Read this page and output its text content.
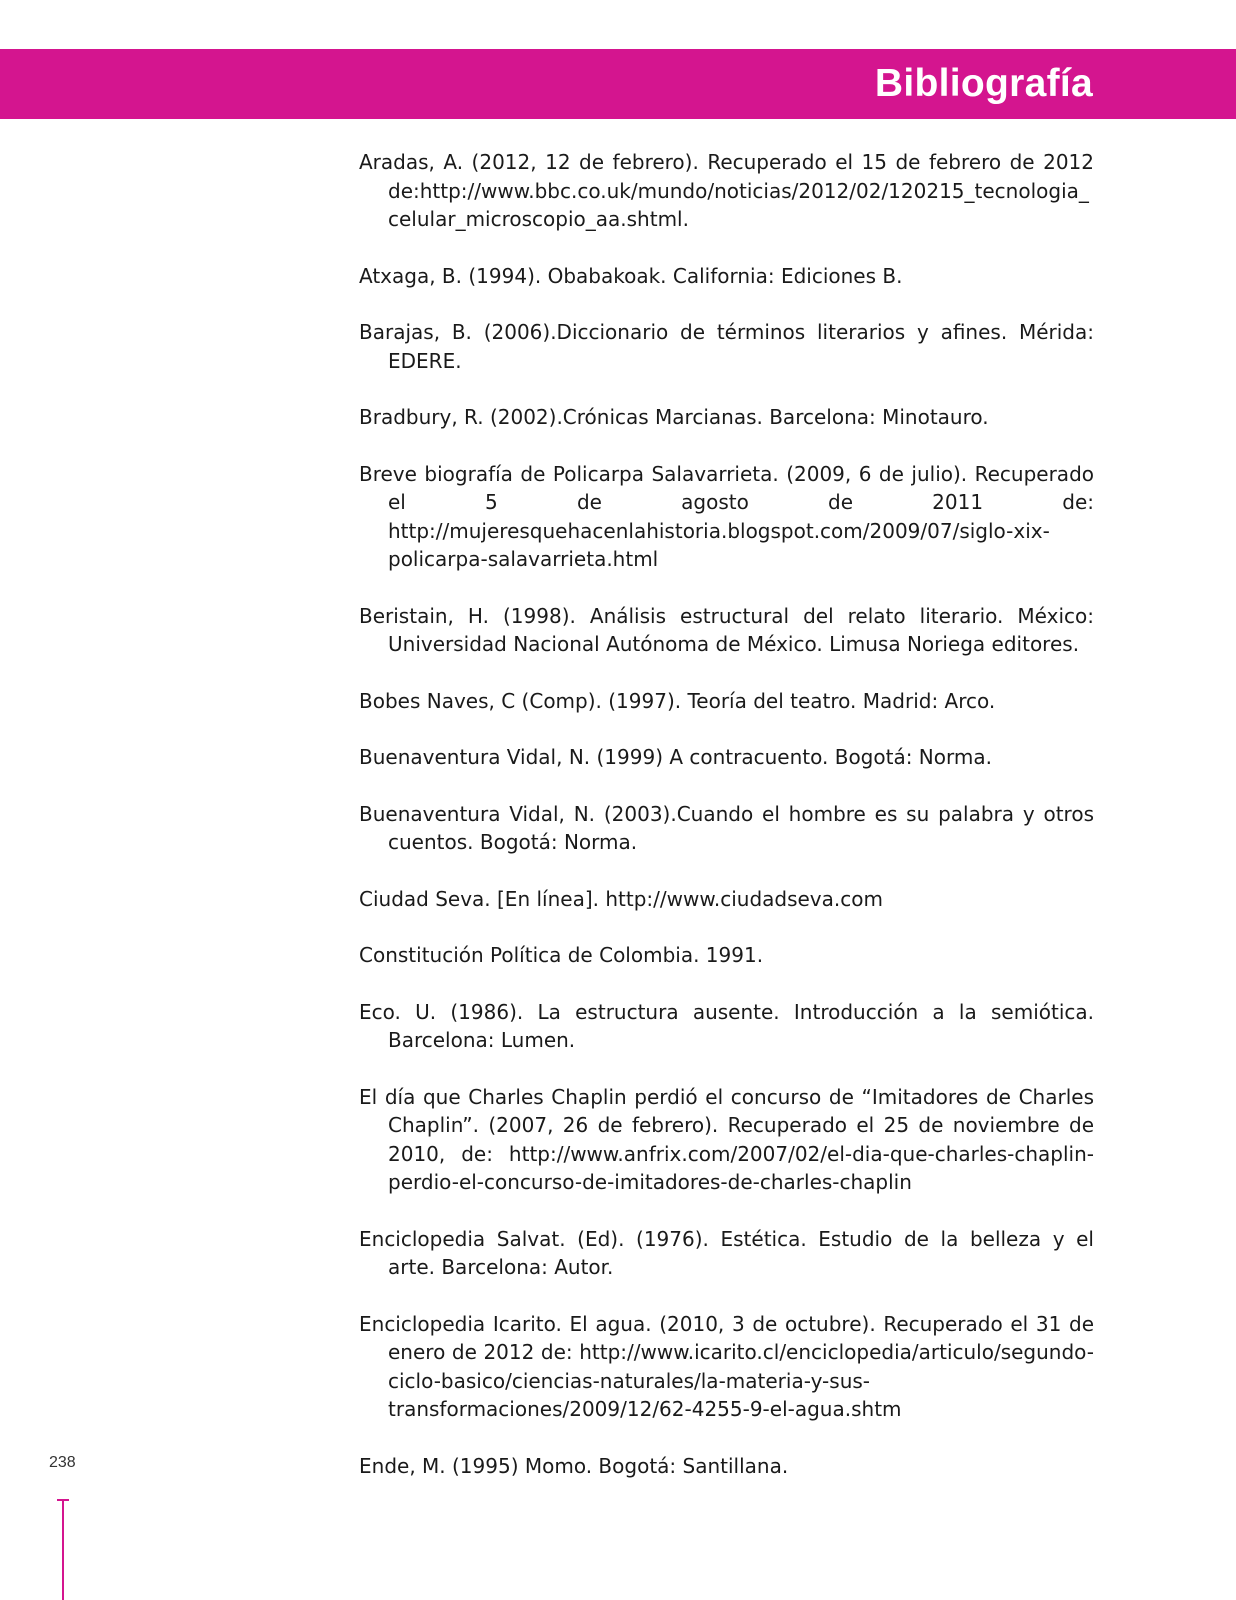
Bibliografía
Aradas, A. (2012, 12 de febrero). Recuperado el 15 de febrero de 2012 de:http://www.bbc.co.uk/mundo/noticias/2012/02/120215_tecnologia_celular_microscopio_aa.shtml.
Atxaga, B. (1994). Obabakoak. California: Ediciones B.
Barajas, B. (2006).Diccionario de términos literarios y afines. Mérida: EDERE.
Bradbury, R. (2002).Crónicas Marcianas. Barcelona: Minotauro.
Breve biografía de Policarpa Salavarrieta. (2009, 6 de julio). Recuperado el 5 de agosto de 2011 de: http://mujeresquehacenlahistoria.blogspot.com/2009/07/siglo-xix-policarpa-salavarrieta.html
Beristain, H. (1998). Análisis estructural del relato literario. México: Universidad Nacional Autónoma de México. Limusa Noriega editores.
Bobes Naves, C (Comp). (1997). Teoría del teatro. Madrid: Arco.
Buenaventura Vidal, N. (1999) A contracuento. Bogotá: Norma.
Buenaventura Vidal, N. (2003).Cuando el hombre es su palabra y otros cuentos. Bogotá: Norma.
Ciudad Seva. [En línea]. http://www.ciudadseva.com
Constitución Política de Colombia. 1991.
Eco. U. (1986). La estructura ausente. Introducción a la semiótica. Barcelona: Lumen.
El día que Charles Chaplin perdió el concurso de “Imitadores de Charles Chaplin”. (2007, 26 de febrero). Recuperado el 25 de noviembre de 2010, de: http://www.anfrix.com/2007/02/el-dia-que-charles-chaplin-perdio-el-concurso-de-imitadores-de-charles-chaplin
Enciclopedia Salvat. (Ed). (1976). Estética. Estudio de la belleza y el arte. Barcelona: Autor.
Enciclopedia Icarito. El agua. (2010, 3 de octubre). Recuperado el 31 de enero de 2012 de: http://www.icarito.cl/enciclopedia/articulo/segundo-ciclo-basico/ciencias-naturales/la-materia-y-sus-transformaciones/2009/12/62-4255-9-el-agua.shtm
Ende, M. (1995) Momo. Bogotá: Santillana.
238
